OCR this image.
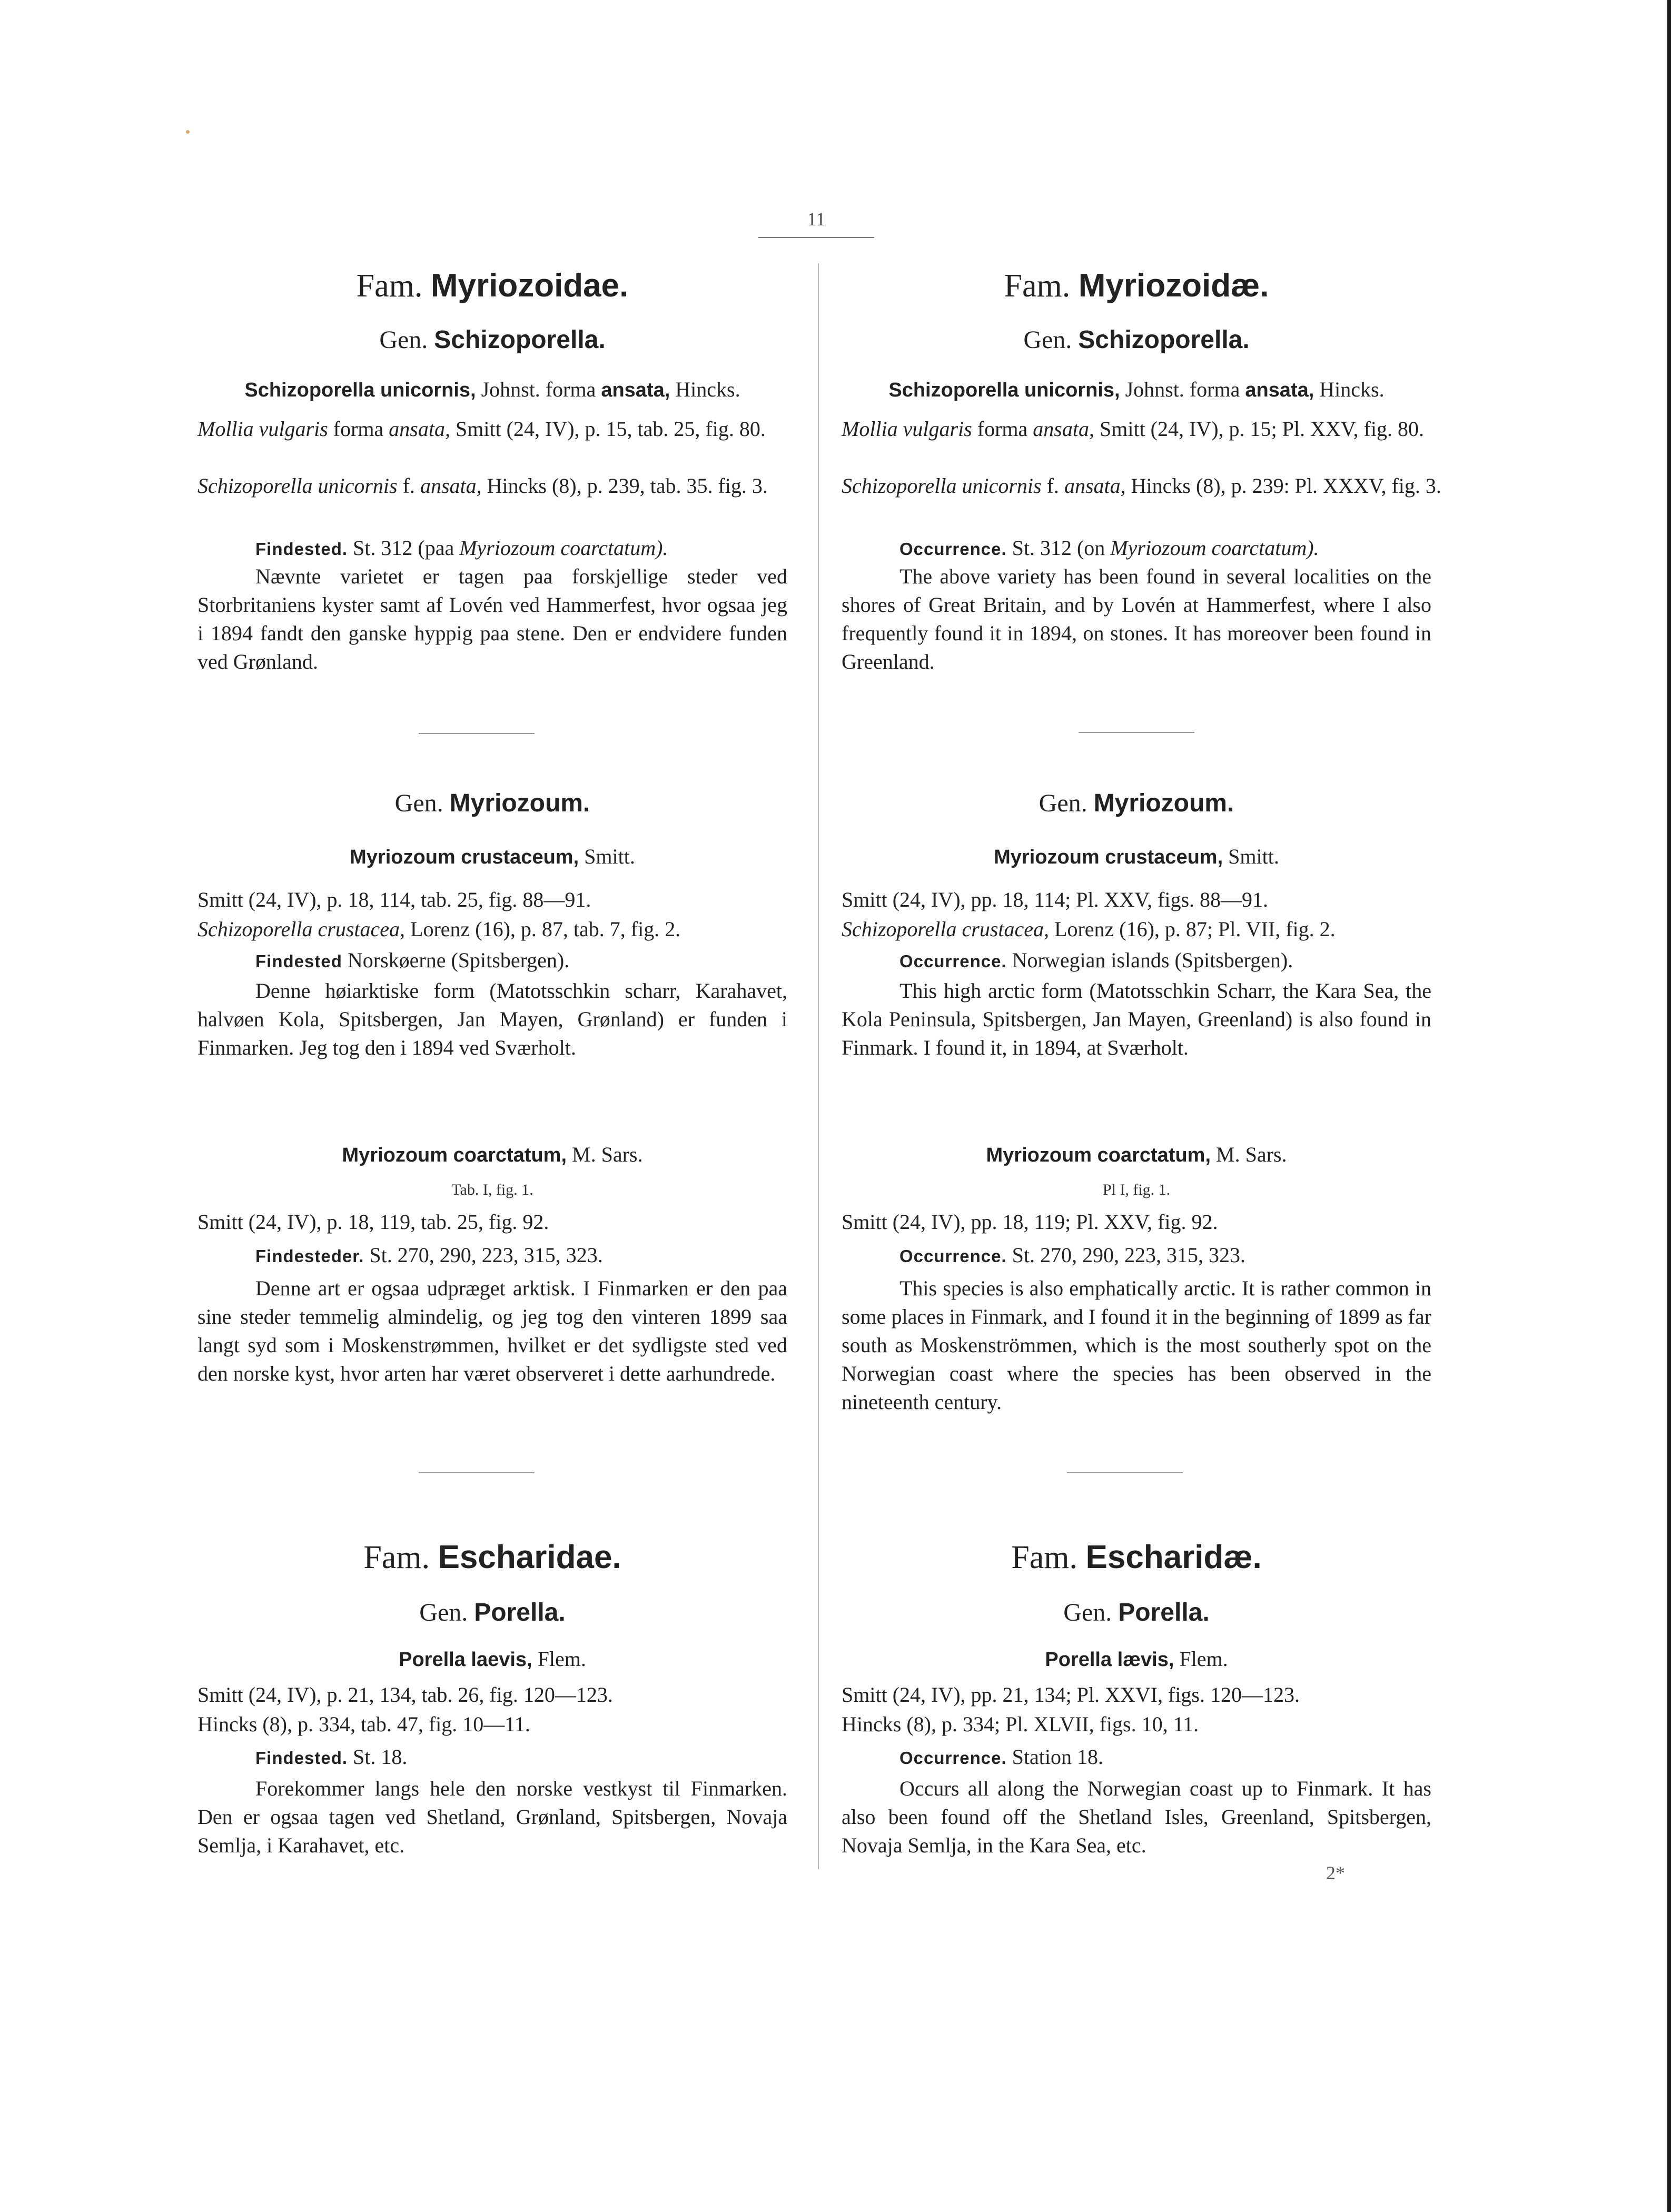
11
Fam. Myriozoidae.
Gen. Schizoporella.
Schizoporella unicornis, Johnst. forma ansata, Hincks.
Mollia vulgaris forma ansata, Smitt (24, IV), p. 15, tab. 25, fig. 80.
Schizoporella unicornis f. ansata, Hincks (8), p. 239, tab. 35. fig. 3.
Findested. St. 312 (paa Myriozoum coarctatum).
Nævnte varietet er tagen paa forskjellige steder ved Storbritaniens kyster samt af Lovén ved Hammerfest, hvor ogsaa jeg i 1894 fandt den ganske hyppig paa stene. Den er endvidere funden ved Grønland.
Gen. Myriozoum.
Myriozoum crustaceum, Smitt.
Smitt (24, IV), p. 18, 114, tab. 25, fig. 88—91.
Schizoporella crustacea, Lorenz (16), p. 87, tab. 7, fig. 2.
Findested Norskøerne (Spitsbergen).
Denne høiarktiske form (Matotsschkin scharr, Karahavet, halvøen Kola, Spitsbergen, Jan Mayen, Grønland) er funden i Finmarken. Jeg tog den i 1894 ved Sværholt.
Myriozoum coarctatum, M. Sars.
Tab. I, fig. 1.
Smitt (24, IV), p. 18, 119, tab. 25, fig. 92.
Findesteder. St. 270, 290, 223, 315, 323.
Denne art er ogsaa udpræget arktisk. I Finmarken er den paa sine steder temmelig almindelig, og jeg tog den vinteren 1899 saa langt syd som i Moskenstrømmen, hvilket er det sydligste sted ved den norske kyst, hvor arten har været observeret i dette aarhundrede.
Fam. Escharidae.
Gen. Porella.
Porella laevis, Flem.
Smitt (24, IV), p. 21, 134, tab. 26, fig. 120—123.
Hincks (8), p. 334, tab. 47, fig. 10—11.
Findested. St. 18.
Forekommer langs hele den norske vestkyst til Finmarken. Den er ogsaa tagen ved Shetland, Grønland, Spitsbergen, Novaja Semlja, i Karahavet, etc.
Fam. Myriozoidæ.
Gen. Schizoporella.
Schizoporella unicornis, Johnst. forma ansata, Hincks.
Mollia vulgaris forma ansata, Smitt (24, IV), p. 15; Pl. XXV, fig. 80.
Schizoporella unicornis f. ansata, Hincks (8), p. 239: Pl. XXXV, fig. 3.
Occurrence. St. 312 (on Myriozoum coarctatum).
The above variety has been found in several localities on the shores of Great Britain, and by Lovén at Hammerfest, where I also frequently found it in 1894, on stones. It has moreover been found in Greenland.
Gen. Myriozoum.
Myriozoum crustaceum, Smitt.
Smitt (24, IV), pp. 18, 114; Pl. XXV, figs. 88—91.
Schizoporella crustacea, Lorenz (16), p. 87; Pl. VII, fig. 2.
Occurrence. Norwegian islands (Spitsbergen).
This high arctic form (Matotsschkin Scharr, the Kara Sea, the Kola Peninsula, Spitsbergen, Jan Mayen, Greenland) is also found in Finmark. I found it, in 1894, at Sværholt.
Myriozoum coarctatum, M. Sars.
Pl I, fig. 1.
Smitt (24, IV), pp. 18, 119; Pl. XXV, fig. 92.
Occurrence. St. 270, 290, 223, 315, 323.
This species is also emphatically arctic. It is rather common in some places in Finmark, and I found it in the beginning of 1899 as far south as Moskenströmmen, which is the most southerly spot on the Norwegian coast where the species has been observed in the nineteenth century.
Fam. Escharidæ.
Gen. Porella.
Porella lævis, Flem.
Smitt (24, IV), pp. 21, 134; Pl. XXVI, figs. 120—123.
Hincks (8), p. 334; Pl. XLVII, figs. 10, 11.
Occurrence. Station 18.
Occurs all along the Norwegian coast up to Finmark. It has also been found off the Shetland Isles, Greenland, Spitsbergen, Novaja Semlja, in the Kara Sea, etc.
2*
